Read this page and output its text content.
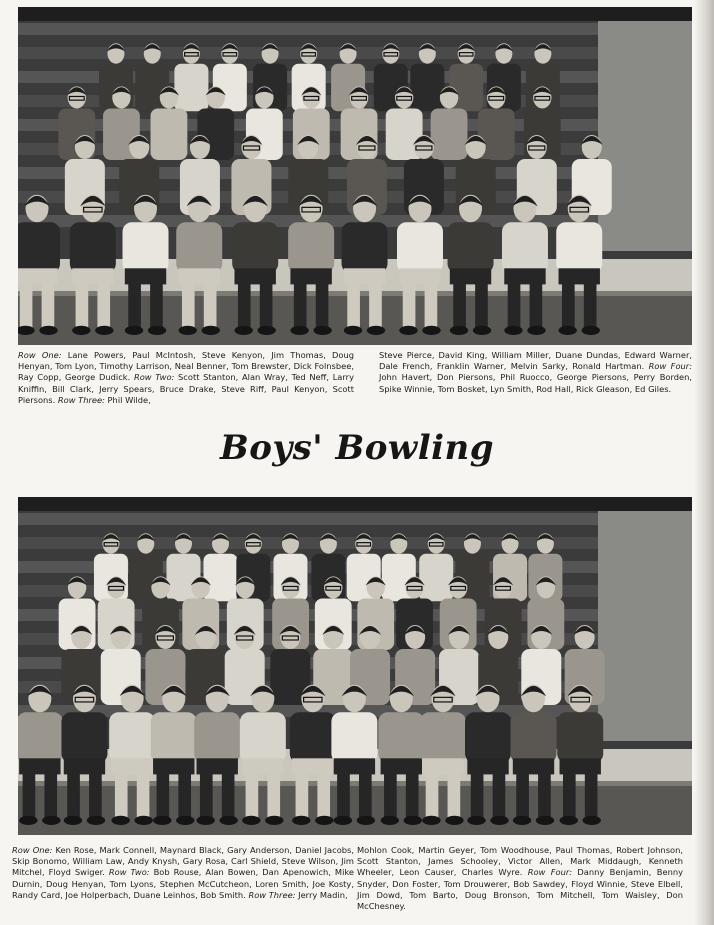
Row One: Lane Powers, Paul McIntosh, Steve Kenyon, Jim Thomas, Doug Henyan, Tom Lyon, Timothy Larrison, Neal Benner, Tom Brewster, Dick Folnsbee, Ray Copp, George Dudick. Row Two: Scott Stanton, Alan Wray, Ted Neff, Larry Kniffin, Bill Clark, Jerry Spears, Bruce Drake, Steve Riff, Paul Kenyon, Scott Piersons. Row Three: Phil Wilde,
Steve Pierce, David King, William Miller, Duane Dundas, Edward Warner, Dale French, Franklin Warner, Melvin Sarky, Ronald Hartman. Row Four: John Havert, Don Piersons, Phil Ruocco, George Piersons, Perry Borden, Spike Winnie, Tom Bosket, Lyn Smith, Rod Hall, Rick Gleason, Ed Giles.
Boys' Bowling
Row One: Ken Rose, Mark Connell, Maynard Black, Gary Anderson, Daniel Jacobs, Skip Bonomo, William Law, Andy Knysh, Gary Rosa, Carl Shield, Steve Wilson, Jim Mitchel, Floyd Swiger. Row Two: Bob Rouse, Alan Bowen, Dan Apenowich, Mike Durnin, Doug Henyan, Tom Lyons, Stephen McCutcheon, Loren Smith, Joe Kosty, Randy Card, Joe Holperbach, Duane Leinhos, Bob Smith. Row Three: Jerry Madin,
Mohlon Cook, Martin Geyer, Tom Woodhouse, Paul Thomas, Robert Johnson, Scott Stanton, James Schooley, Victor Allen, Mark Middaugh, Kenneth Wheeler, Leon Causer, Charles Wyre. Row Four: Danny Benjamin, Benny Snyder, Don Foster, Tom Drouwerer, Bob Sawdey, Floyd Winnie, Steve Elbell, Jim Dowd, Tom Barto, Doug Bronson, Tom Mitchell, Tom Waisley, Don McChesney.
